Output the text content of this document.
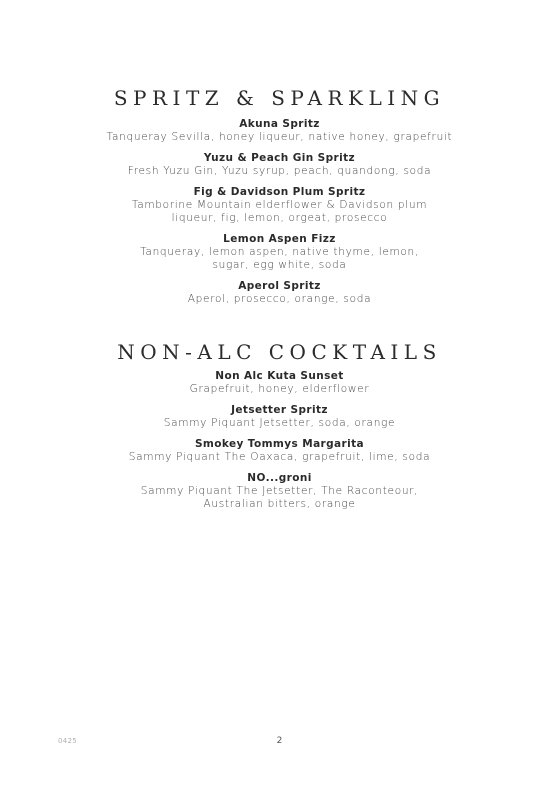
SPRITZ & SPARKLING
Akuna Spritz
Tanqueray Sevilla, honey liqueur, native honey, grapefruit
Yuzu & Peach Gin Spritz
Fresh Yuzu Gin, Yuzu syrup, peach, quandong, soda
Fig & Davidson Plum Spritz
Tamborine Mountain elderflower & Davidson plum
liqueur, fig, lemon, orgeat, prosecco
Lemon Aspen Fizz
Tanqueray, lemon aspen, native thyme, lemon,
sugar, egg white, soda
Aperol Spritz
Aperol, prosecco, orange, soda
NON-ALC COCKTAILS
Non Alc Kuta Sunset
Grapefruit, honey, elderflower
Jetsetter Spritz
Sammy Piquant Jetsetter, soda, orange
Smokey Tommys Margarita
Sammy Piquant The Oaxaca, grapefruit, lime, soda
NO...groni
Sammy Piquant The Jetsetter, The Raconteour,
Australian bitters, orange
0425	2
